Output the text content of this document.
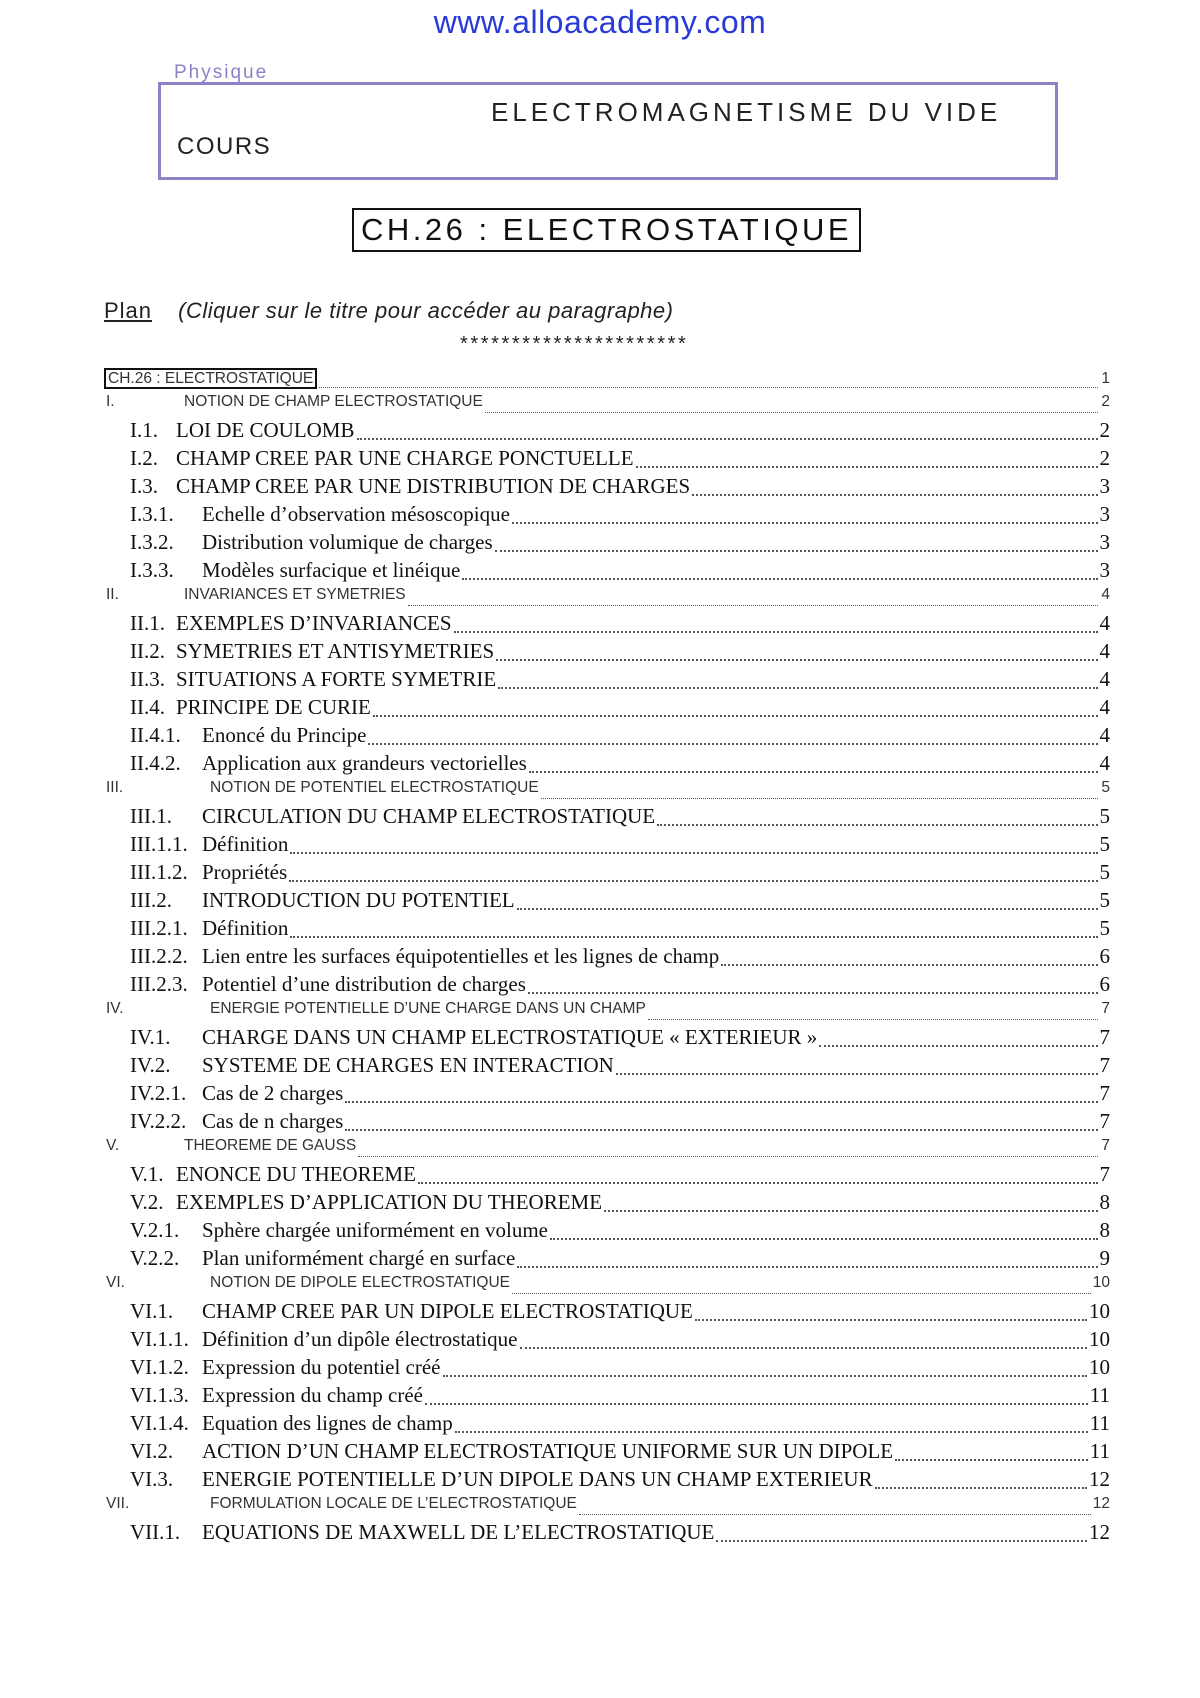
www.alloacademy.com
Physique
ELECTROMAGNETISME DU VIDE
COURS
CH.26 : ELECTROSTATIQUE
Plan (Cliquer sur le titre pour accéder au paragraphe)
**********************
CH.26 : ELECTROSTATIQUE	1
I.	NOTION DE CHAMP ELECTROSTATIQUE	2
I.1. LOI DE COULOMB	2
I.2. CHAMP CREE PAR UNE CHARGE PONCTUELLE	2
I.3. CHAMP CREE PAR UNE DISTRIBUTION DE CHARGES	3
I.3.1.	Echelle d’observation mésoscopique	3
I.3.2.	Distribution volumique de charges	3
I.3.3.	Modèles surfacique et linéique	3
II.	INVARIANCES ET SYMETRIES	4
II.1. EXEMPLES D’INVARIANCES	4
II.2. SYMETRIES ET ANTISYMETRIES	4
II.3. SITUATIONS A FORTE SYMETRIE	4
II.4. PRINCIPE DE CURIE	4
II.4.1.	Enoncé du Principe	4
II.4.2.	Application aux grandeurs vectorielles	4
III.	NOTION DE POTENTIEL ELECTROSTATIQUE	5
III.1.	CIRCULATION DU CHAMP ELECTROSTATIQUE	5
III.1.1. Définition	5
III.1.2. Propriétés	5
III.2.	INTRODUCTION DU POTENTIEL	5
III.2.1. Définition	5
III.2.2. Lien entre les surfaces équipotentielles et les lignes de champ	6
III.2.3. Potentiel d’une distribution de charges	6
IV.	ENERGIE POTENTIELLE D’UNE CHARGE DANS UN CHAMP	7
IV.1.	CHARGE DANS UN CHAMP ELECTROSTATIQUE « EXTERIEUR »	7
IV.2.	SYSTEME DE CHARGES EN INTERACTION	7
IV.2.1. Cas de 2 charges	7
IV.2.2. Cas de n charges	7
V.	THEOREME DE GAUSS	7
V.1. ENONCE DU THEOREME	7
V.2. EXEMPLES D’APPLICATION DU THEOREME	8
V.2.1.	Sphère chargée uniformément en volume	8
V.2.2.	Plan uniformément chargé en surface	9
VI.	NOTION DE DIPOLE ELECTROSTATIQUE	10
VI.1.	CHAMP CREE PAR UN DIPOLE ELECTROSTATIQUE	10
VI.1.1. Définition d’un dipôle électrostatique	10
VI.1.2. Expression du potentiel créé	10
VI.1.3. Expression du champ créé	11
VI.1.4. Equation des lignes de champ	11
VI.2.	ACTION D’UN CHAMP ELECTROSTATIQUE UNIFORME SUR UN DIPOLE	11
VI.3.	ENERGIE POTENTIELLE D’UN DIPOLE DANS UN CHAMP EXTERIEUR	12
VII.	FORMULATION LOCALE DE L’ELECTROSTATIQUE	12
VII.1.	EQUATIONS DE MAXWELL DE L’ELECTROSTATIQUE	12
